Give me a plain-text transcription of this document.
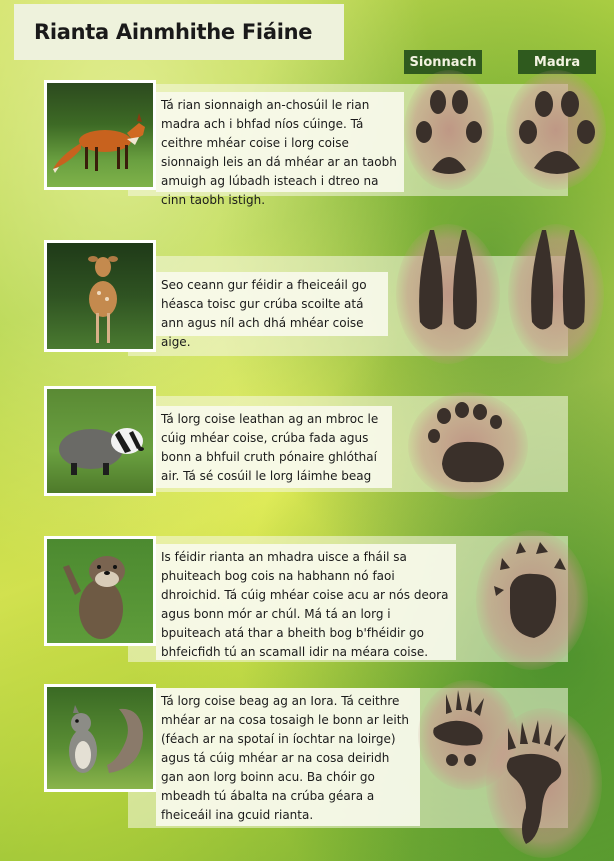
Rianta Ainmhithe Fiáine
Sionnach	Madra
Tá rian sionnaigh an-chosúil le rian madra ach i bhfad níos cúinge. Tá ceithre mhéar coise i lorg coise sionnaigh leis an dá mhéar ar an taobh amuigh ag lúbadh isteach i dtreo na cinn taobh istigh.
Seo ceann gur féidir a fheiceáil go héasca toisc gur crúba scoilte atá ann agus níl ach dhá mhéar coise aige.
Tá lorg coise leathan ag an mbroc le cúig mhéar coise, crúba fada agus bonn a bhfuil cruth pónaire ghlóthaí air. Tá sé cosúil le lorg láimhe beag
Is féidir rianta an mhadra uisce a fháil sa phuiteach bog cois na habhann nó faoi dhroichid. Tá cúig mhéar coise acu ar nós deora agus bonn mór ar chúl. Má tá an lorg i bpuiteach atá thar a bheith bog b'fhéidir go bhfeicfidh tú an scamall idir na méara coise.
Tá lorg coise beag ag an Iora. Tá ceithre mhéar ar na cosa tosaigh le bonn ar leith (féach ar na spotaí in íochtar na loirge) agus tá cúig mhéar ar na cosa deiridh gan aon lorg boinn acu. Ba chóir go mbeadh tú ábalta na crúba géara a fheiceáil ina gcuid rianta.
